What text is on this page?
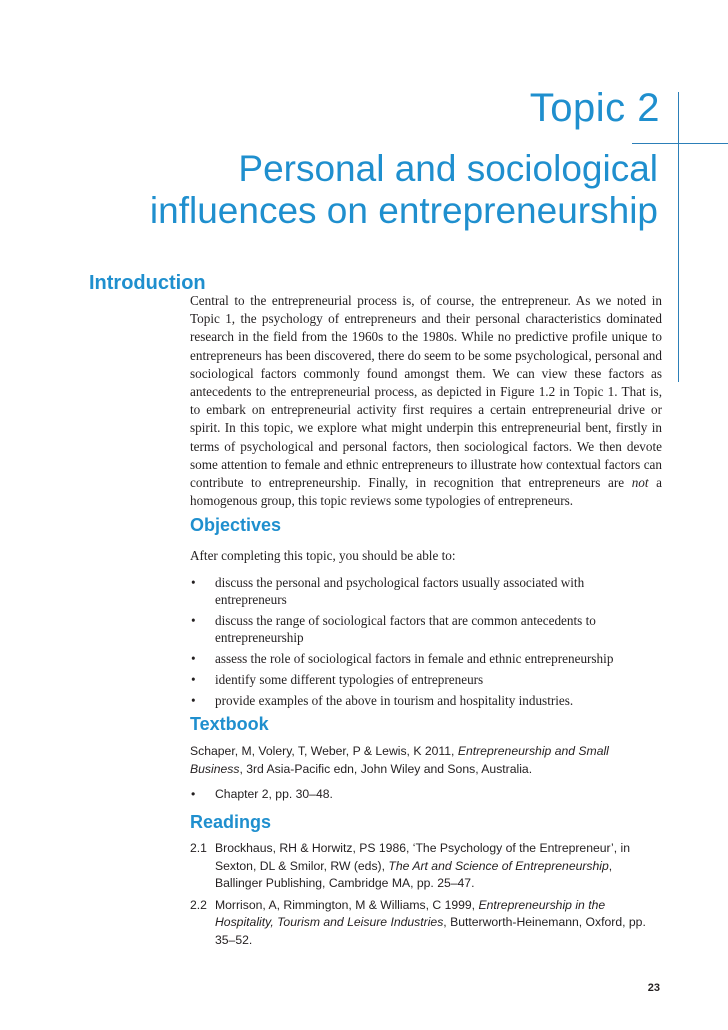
Topic 2
Personal and sociological
influences on entrepreneurship
Introduction

Central to the entrepreneurial process is, of course, the entrepreneur. As we noted in Topic 1, the psychology of entrepreneurs and their personal characteristics dominated research in the field from the 1960s to the 1980s. While no predictive profile unique to entrepreneurs has been discovered, there do seem to be some psychological, personal and sociological factors commonly found amongst them. We can view these factors as antecedents to the entrepreneurial process, as depicted in Figure 1.2 in Topic 1. That is, to embark on entrepreneurial activity first requires a certain entrepreneurial drive or spirit. In this topic, we explore what might underpin this entrepreneurial bent, firstly in terms of psychological and personal factors, then sociological factors. We then devote some attention to female and ethnic entrepreneurs to illustrate how contextual factors can contribute to entrepreneurship. Finally, in recognition that entrepreneurs are not a homogenous group, this topic reviews some typologies of entrepreneurs.

Objectives

After completing this topic, you should be able to:

• discuss the personal and psychological factors usually associated with entrepreneurs
• discuss the range of sociological factors that are common antecedents to entrepreneurship
• assess the role of sociological factors in female and ethnic entrepreneurship
• identify some different typologies of entrepreneurs
• provide examples of the above in tourism and hospitality industries.
Textbook

Schaper, M, Volery, T, Weber, P & Lewis, K 2011, Entrepreneurship and Small Business, 3rd Asia-Pacific edn, John Wiley and Sons, Australia.

• Chapter 2, pp. 30–48.
Readings
2.1 Brockhaus, RH & Horwitz, PS 1986, ‘The Psychology of the Entrepreneur’, in Sexton, DL & Smilor, RW (eds), The Art and Science of Entrepreneurship, Ballinger Publishing, Cambridge MA, pp. 25–47.
2.2 Morrison, A, Rimmington, M & Williams, C 1999, Entrepreneurship in the Hospitality, Tourism and Leisure Industries, Butterworth-Heinemann, Oxford, pp. 35–52.
23
